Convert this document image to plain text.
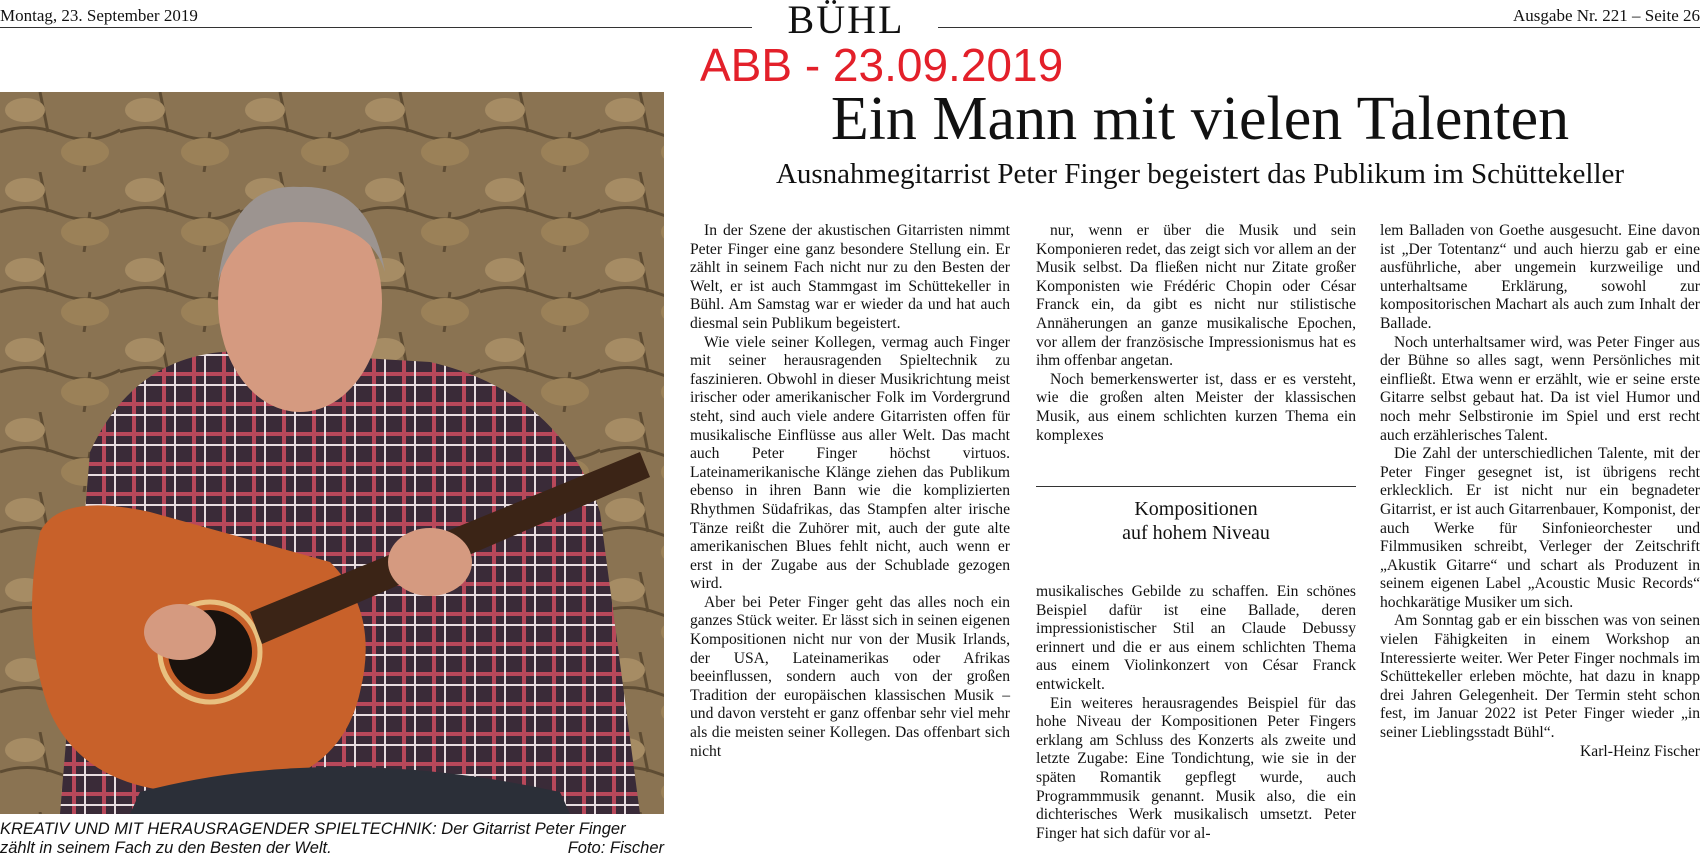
Montag, 23. September 2019	BÜHL	Ausgabe Nr. 221 – Seite 26
ABB - 23.09.2019
KREATIV UND MIT HERAUSRAGENDER SPIELTECHNIK: Der Gitarrist Peter Finger zählt in seinem Fach zu den Besten der Welt.	Foto: Fischer
Ein Mann mit vielen Talenten
Ausnahmegitarrist Peter Finger begeistert das Publikum im Schüttekeller

In der Szene der akustischen Gitarristen nimmt Peter Finger eine ganz besondere Stellung ein. Er zählt in seinem Fach nicht nur zu den Besten der Welt, er ist auch Stammgast im Schüttekeller in Bühl. Am Samstag war er wieder da und hat auch diesmal sein Publikum begeistert.

Wie viele seiner Kollegen, vermag auch Finger mit seiner herausragenden Spieltechnik zu faszinieren. Obwohl in dieser Musikrichtung meist irischer oder amerikanischer Folk im Vordergrund steht, sind auch viele andere Gitarristen offen für musikalische Einflüsse aus aller Welt. Das macht auch Peter Finger höchst virtuos. Lateinamerikanische Klänge ziehen das Publikum ebenso in ihren Bann wie die komplizierten Rhythmen Südafrikas, das Stampfen alter irische Tänze reißt die Zuhörer mit, auch der gute alte amerikanischen Blues fehlt nicht, auch wenn er erst in der Zugabe aus der Schublade gezogen wird.

Aber bei Peter Finger geht das alles noch ein ganzes Stück weiter. Er lässt sich in seinen eigenen Kompositionen nicht nur von der Musik Irlands, der USA, Lateinamerikas oder Afrikas beeinflussen, sondern auch von der großen Tradition der europäischen klassischen Musik – und davon versteht er ganz offenbar sehr viel mehr als die meisten seiner Kollegen. Das offenbart sich nicht

nur, wenn er über die Musik und sein Komponieren redet, das zeigt sich vor allem an der Musik selbst. Da fließen nicht nur Zitate großer Komponisten wie Frédéric Chopin oder César Franck ein, da gibt es nicht nur stilistische Annäherungen an ganze musikalische Epochen, vor allem der französische Impressionismus hat es ihm offenbar angetan.

Noch bemerkenswerter ist, dass er es versteht, wie die großen alten Meister der klassischen Musik, aus einem schlichten kurzen Thema ein komplexes

Kompositionen
auf hohem Niveau

musikalisches Gebilde zu schaffen. Ein schönes Beispiel dafür ist eine Ballade, deren impressionistischer Stil an Claude Debussy erinnert und die er aus einem schlichten Thema aus einem Violinkonzert von César Franck entwickelt.

Ein weiteres herausragendes Beispiel für das hohe Niveau der Kompositionen Peter Fingers erklang am Schluss des Konzerts als zweite und letzte Zugabe: Eine Tondichtung, wie sie in der späten Romantik gepflegt wurde, auch Programmmusik genannt. Musik also, die ein dichterisches Werk musikalisch umsetzt. Peter Finger hat sich dafür vor al-

lem Balladen von Goethe ausgesucht. Eine davon ist „Der Totentanz“ und auch hierzu gab er eine ausführliche, aber ungemein kurzweilige und unterhaltsame Erklärung, sowohl zur kompositorischen Machart als auch zum Inhalt der Ballade.

Noch unterhaltsamer wird, was Peter Finger aus der Bühne so alles sagt, wenn Persönliches mit einfließt. Etwa wenn er erzählt, wie er seine erste Gitarre selbst gebaut hat. Da ist viel Humor und noch mehr Selbstironie im Spiel und erst recht auch erzählerisches Talent.

Die Zahl der unterschiedlichen Talente, mit der Peter Finger gesegnet ist, ist übrigens recht erklecklich. Er ist nicht nur ein begnadeter Gitarrist, er ist auch Gitarrenbauer, Komponist, der auch Werke für Sinfonieorchester und Filmmusiken schreibt, Verleger der Zeitschrift „Akustik Gitarre“ und schart als Produzent in seinem eigenen Label „Acoustic Music Records“ hochkarätige Musiker um sich.

Am Sonntag gab er ein bisschen was von seinen vielen Fähigkeiten in einem Workshop an Interessierte weiter. Wer Peter Finger nochmals im Schüttekeller erleben möchte, hat dazu in knapp drei Jahren Gelegenheit. Der Termin steht schon fest, im Januar 2022 ist Peter Finger wieder „in seiner Lieblingsstadt Bühl“.

Karl-Heinz Fischer
